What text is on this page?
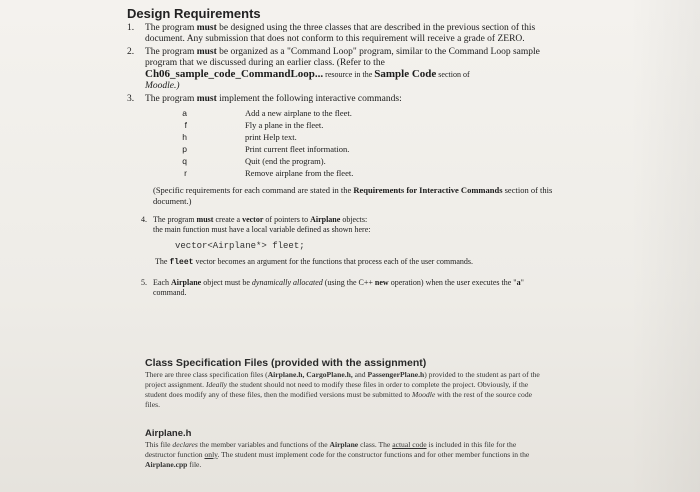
Design Requirements
1.	The program must be designed using the three classes that are described in the previous section of this document. Any submission that does not conform to this requirement will receive a grade of ZERO.
2.	The program must be organized as a "Command Loop" program, similar to the Command Loop sample program that we discussed during an earlier class. (Refer to the
Ch06_sample_code_CommandLoop... resource in the Sample Code section of
Moodle.)
3.	The program must implement the following interactive commands:
a	Add a new airplane to the fleet.
f	Fly a plane in the fleet.
h	print Help text.
p	Print current fleet information.
q	Quit (end the program).
r	Remove airplane from the fleet.
(Specific requirements for each command are stated in the Requirements for Interactive Commands section of this document.)
4. The program must create a vector of pointers to Airplane objects:
the main function must have a local variable defined as shown here:
vector<Airplane*> fleet;
The fleet vector becomes an argument for the functions that process each of the user commands.
5. Each Airplane object must be dynamically allocated (using the C++ new operation) when the user executes the "a" command.
Class Specification Files (provided with the assignment)

There are three class specification files (Airplane.h, CargoPlane.h, and PassengerPlane.h) provided to the student as part of the project assignment. Ideally the student should not need to modify these files in order to complete the project. Obviously, if the student does modify any of these files, then the modified versions must be submitted to Moodle with the rest of the source code files.

Airplane.h

This file declares the member variables and functions of the Airplane class. The actual code is included in this file for the destructor function only. The student must implement code for the constructor functions and for other member functions in the Airplane.cpp file.
